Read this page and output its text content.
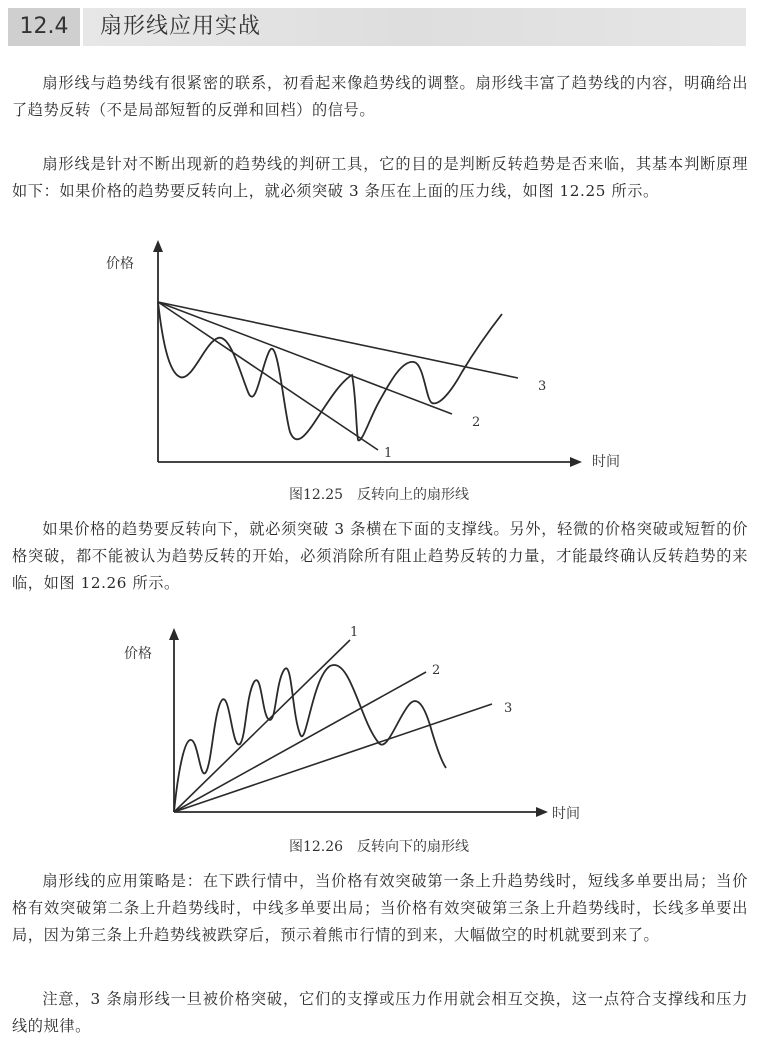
12.4	扇形线应用实战

扇形线与趋势线有很紧密的联系，初看起来像趋势线的调整。扇形线丰富了趋势线的内容，明确给出了趋势反转（不是局部短暂的反弹和回档）的信号。

扇形线是针对不断出现新的趋势线的判研工具，它的目的是判断反转趋势是否来临，其基本判断原理如下：如果价格的趋势要反转向上，就必须突破 3 条压在上面的压力线，如图 12.25 所示。

价格
时间
1
2
3
图12.25　反转向上的扇形线

如果价格的趋势要反转向下，就必须突破 3 条横在下面的支撑线。另外，轻微的价格突破或短暂的价格突破，都不能被认为趋势反转的开始，必须消除所有阻止趋势反转的力量，才能最终确认反转趋势的来临，如图 12.26 所示。

价格
时间
1
2
3
图12.26　反转向下的扇形线

扇形线的应用策略是：在下跌行情中，当价格有效突破第一条上升趋势线时，短线多单要出局；当价格有效突破第二条上升趋势线时，中线多单要出局；当价格有效突破第三条上升趋势线时，长线多单要出局，因为第三条上升趋势线被跌穿后，预示着熊市行情的到来，大幅做空的时机就要到来了。

注意，3 条扇形线一旦被价格突破，它们的支撑或压力作用就会相互交换，这一点符合支撑线和压力线的规律。
